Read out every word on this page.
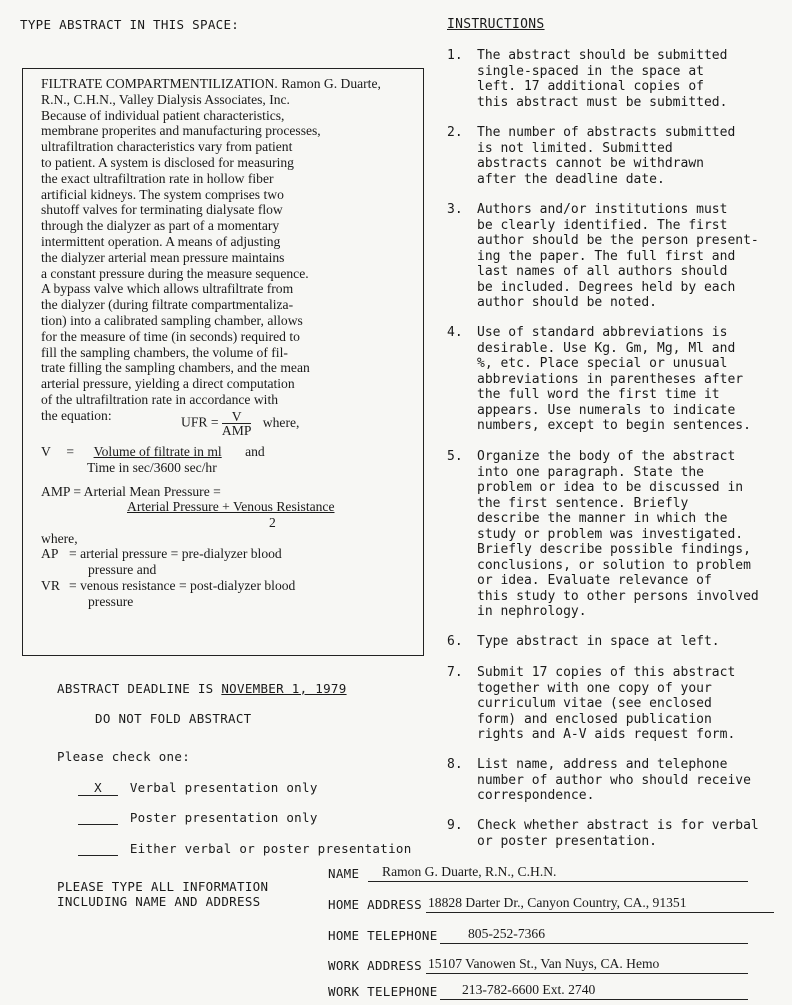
TYPE ABSTRACT IN THIS SPACE:	INSTRUCTIONS

FILTRATE COMPARTMENTILIZATION. Ramon G. Duarte,

R.N., C.H.N., Valley Dialysis Associates, Inc.

Because of individual patient characteristics,

membrane properites and manufacturing processes,

ultrafiltration characteristics vary from patient

to patient. A system is disclosed for measuring

the exact ultrafiltration rate in hollow fiber

artificial kidneys. The system comprises two

shutoff valves for terminating dialysate flow

through the dialyzer as part of a momentary

intermittent operation. A means of adjusting

the dialyzer arterial mean pressure maintains

a constant pressure during the measure sequence.

A bypass valve which allows ultrafiltrate from

the dialyzer (during filtrate compartmentaliza-

tion) into a calibrated sampling chamber, allows

for the measure of time (in seconds) required to

fill the sampling chambers, the volume of fil-

trate filling the sampling chambers, and the mean

arterial pressure, yielding a direct computation

of the ultrafiltration rate in accordance with

the equation:	UFR = $\frac{V}{\text{AMP}}$ where,
V = Volume of filtrate in ml and
Time in sec/3600 sec/hr
AMP = Arterial Mean Pressure =
Arterial Pressure + Venous Resistance
2
where,
AP = arterial pressure = pre-dialyzer blood
pressure and
VR = venous resistance = post-dialyzer blood
pressure
1. The abstract should be submitted
single-spaced in the space at
left. 17 additional copies of
this abstract must be submitted.
2. The number of abstracts submitted
is not limited. Submitted
abstracts cannot be withdrawn
after the deadline date.
3. Authors and/or institutions must
be clearly identified. The first
author should be the person present-
ing the paper. The full first and
last names of all authors should
be included. Degrees held by each
author should be noted.
4. Use of standard abbreviations is
desirable. Use Kg. Gm, Mg, Ml and
%, etc. Place special or unusual
abbreviations in parentheses after
the full word the first time it
appears. Use numerals to indicate
numbers, except to begin sentences.
5. Organize the body of the abstract
into one paragraph. State the
problem or idea to be discussed in
the first sentence. Briefly
describe the manner in which the
study or problem was investigated.
Briefly describe possible findings,
conclusions, or solution to problem
or idea. Evaluate relevance of
this study to other persons involved
in nephrology.
6. Type abstract in space at left.
7. Submit 17 copies of this abstract
together with one copy of your
curriculum vitae (see enclosed
form) and enclosed publication
rights and A-V aids request form.
8. List name, address and telephone
number of author who should receive
correspondence.
9. Check whether abstract is for verbal
or poster presentation.
ABSTRACT DEADLINE IS NOVEMBER 1, 1979
DO NOT FOLD ABSTRACT
Please check one:
X Verbal presentation only
Poster presentation only
Either verbal or poster presentation
PLEASE TYPE ALL INFORMATION
INCLUDING NAME AND ADDRESS
NAME Ramon G. Duarte, R.N., C.H.N.
HOME ADDRESS 18828 Darter Dr., Canyon Country, CA., 91351
HOME TELEPHONE 805-252-7366
WORK ADDRESS 15107 Vanowen St., Van Nuys, CA. Hemo
WORK TELEPHONE 213-782-6600 Ext. 2740
